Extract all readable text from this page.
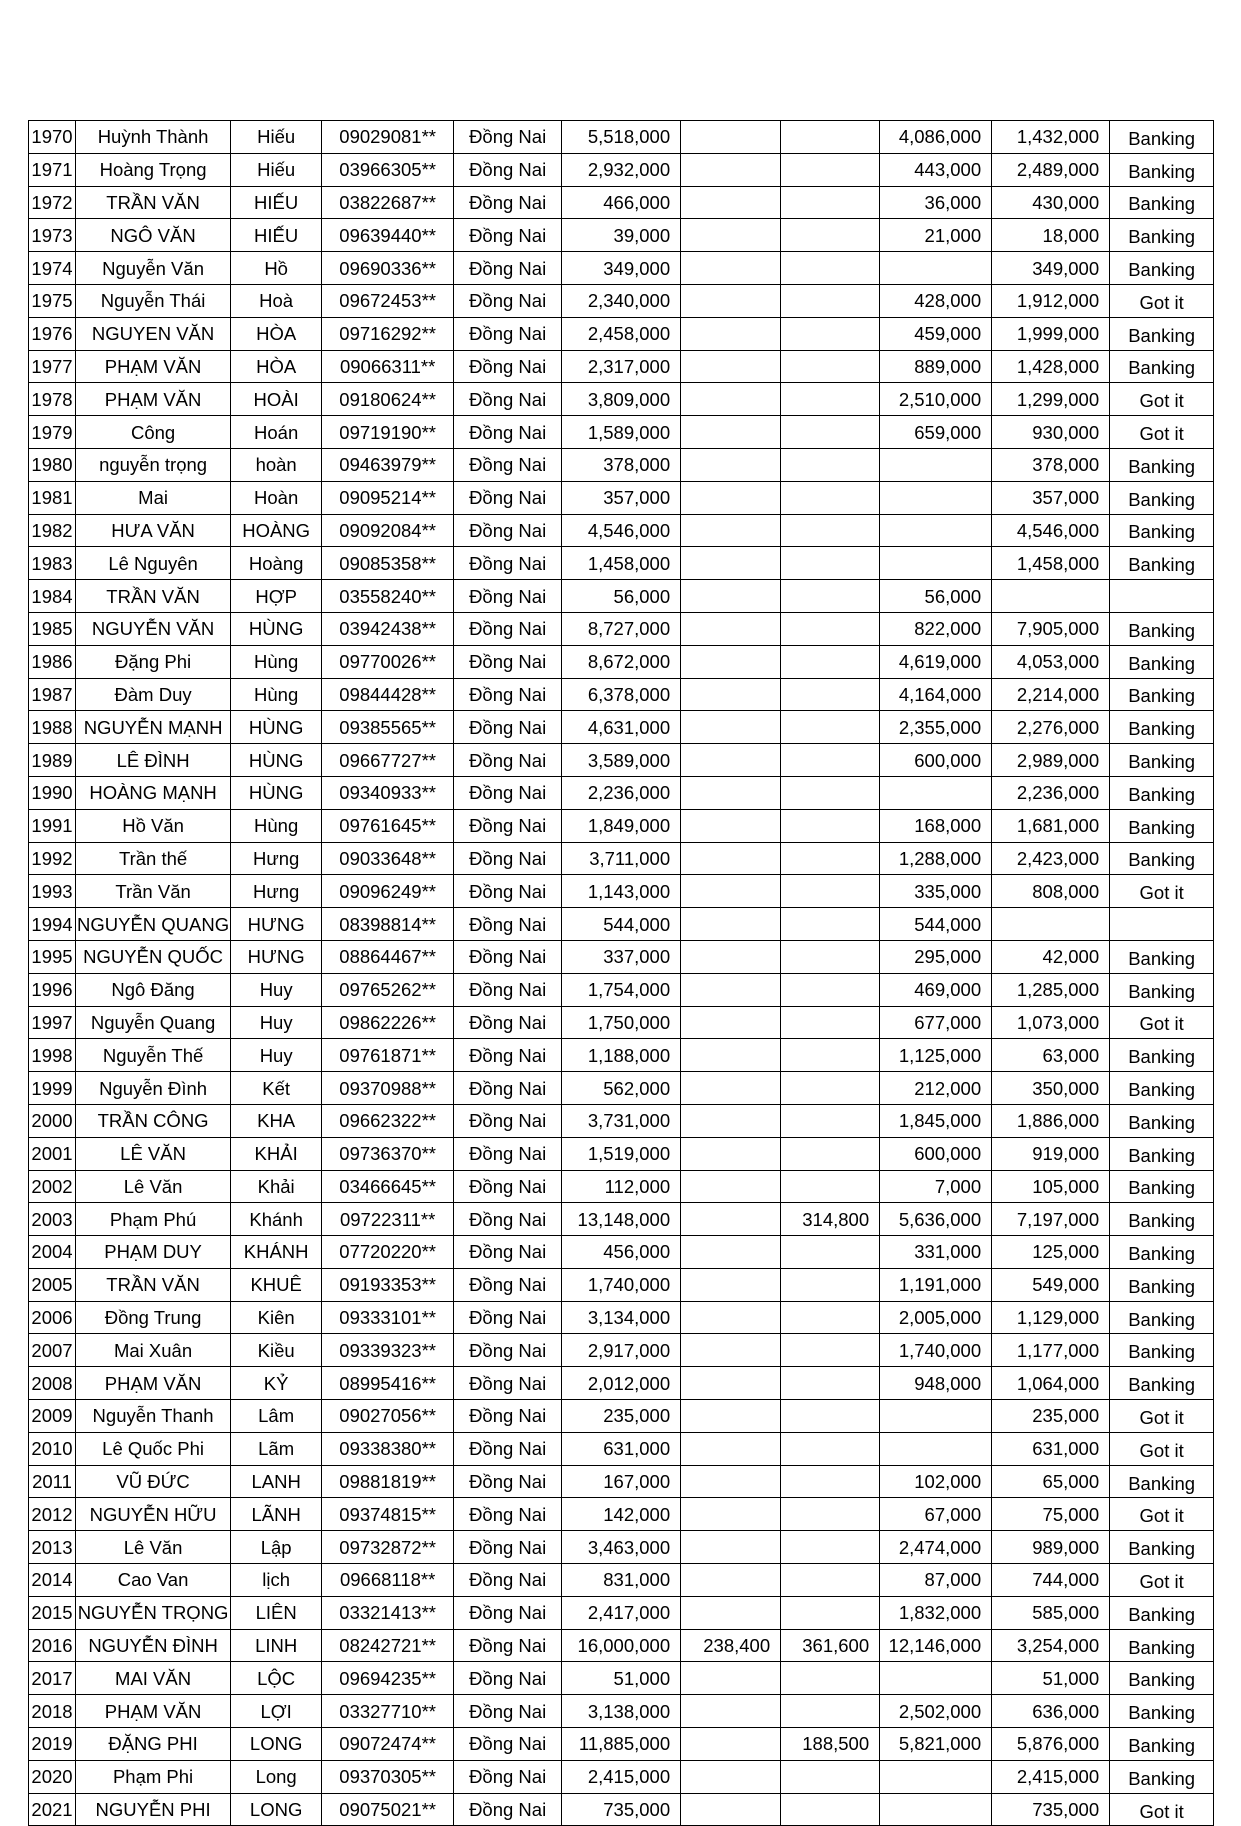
1970	Huỳnh Thành	Hiếu	09029081**	Đồng Nai	5,518,000			4,086,000	1,432,000	Banking
1971	Hoàng Trọng	Hiếu	03966305**	Đồng Nai	2,932,000			443,000	2,489,000	Banking
1972	TRẦN VĂN	HIẾU	03822687**	Đồng Nai	466,000			36,000	430,000	Banking
1973	NGÔ VĂN	HIẾU	09639440**	Đồng Nai	39,000			21,000	18,000	Banking
1974	Nguyễn Văn	Hồ	09690336**	Đồng Nai	349,000				349,000	Banking
1975	Nguyễn Thái	Hoà	09672453**	Đồng Nai	2,340,000			428,000	1,912,000	Got it
1976	NGUYEN VĂN	HÒA	09716292**	Đồng Nai	2,458,000			459,000	1,999,000	Banking
1977	PHẠM VĂN	HÒA	09066311**	Đồng Nai	2,317,000			889,000	1,428,000	Banking
1978	PHẠM VĂN	HOÀI	09180624**	Đồng Nai	3,809,000			2,510,000	1,299,000	Got it
1979	Công	Hoán	09719190**	Đồng Nai	1,589,000			659,000	930,000	Got it
1980	nguyễn trọng	hoàn	09463979**	Đồng Nai	378,000				378,000	Banking
1981	Mai	Hoàn	09095214**	Đồng Nai	357,000				357,000	Banking
1982	HƯA VĂN	HOÀNG	09092084**	Đồng Nai	4,546,000				4,546,000	Banking
1983	Lê Nguyên	Hoàng	09085358**	Đồng Nai	1,458,000				1,458,000	Banking
1984	TRẦN VĂN	HỢP	03558240**	Đồng Nai	56,000			56,000		
1985	NGUYỄN VĂN	HÙNG	03942438**	Đồng Nai	8,727,000			822,000	7,905,000	Banking
1986	Đặng Phi	Hùng	09770026**	Đồng Nai	8,672,000			4,619,000	4,053,000	Banking
1987	Đàm Duy	Hùng	09844428**	Đồng Nai	6,378,000			4,164,000	2,214,000	Banking
1988	NGUYỄN MẠNH	HÙNG	09385565**	Đồng Nai	4,631,000			2,355,000	2,276,000	Banking
1989	LÊ ĐÌNH	HÙNG	09667727**	Đồng Nai	3,589,000			600,000	2,989,000	Banking
1990	HOÀNG MẠNH	HÙNG	09340933**	Đồng Nai	2,236,000				2,236,000	Banking
1991	Hồ Văn	Hùng	09761645**	Đồng Nai	1,849,000			168,000	1,681,000	Banking
1992	Trần thế	Hưng	09033648**	Đồng Nai	3,711,000			1,288,000	2,423,000	Banking
1993	Trần Văn	Hưng	09096249**	Đồng Nai	1,143,000			335,000	808,000	Got it
1994	NGUYỄN QUANG	HƯNG	08398814**	Đồng Nai	544,000			544,000		
1995	NGUYỄN QUỐC	HƯNG	08864467**	Đồng Nai	337,000			295,000	42,000	Banking
1996	Ngô Đăng	Huy	09765262**	Đồng Nai	1,754,000			469,000	1,285,000	Banking
1997	Nguyễn Quang	Huy	09862226**	Đồng Nai	1,750,000			677,000	1,073,000	Got it
1998	Nguyễn Thế	Huy	09761871**	Đồng Nai	1,188,000			1,125,000	63,000	Banking
1999	Nguyễn Đình	Kết	09370988**	Đồng Nai	562,000			212,000	350,000	Banking
2000	TRẦN CÔNG	KHA	09662322**	Đồng Nai	3,731,000			1,845,000	1,886,000	Banking
2001	LÊ VĂN	KHẢI	09736370**	Đồng Nai	1,519,000			600,000	919,000	Banking
2002	Lê Văn	Khải	03466645**	Đồng Nai	112,000			7,000	105,000	Banking
2003	Phạm Phú	Khánh	09722311**	Đồng Nai	13,148,000		314,800	5,636,000	7,197,000	Banking
2004	PHẠM DUY	KHÁNH	07720220**	Đồng Nai	456,000			331,000	125,000	Banking
2005	TRẦN VĂN	KHUÊ	09193353**	Đồng Nai	1,740,000			1,191,000	549,000	Banking
2006	Đồng Trung	Kiên	09333101**	Đồng Nai	3,134,000			2,005,000	1,129,000	Banking
2007	Mai Xuân	Kiều	09339323**	Đồng Nai	2,917,000			1,740,000	1,177,000	Banking
2008	PHẠM VĂN	KỶ	08995416**	Đồng Nai	2,012,000			948,000	1,064,000	Banking
2009	Nguyễn Thanh	Lâm	09027056**	Đồng Nai	235,000				235,000	Got it
2010	Lê Quốc Phi	Lãm	09338380**	Đồng Nai	631,000				631,000	Got it
2011	VŨ ĐỨC	LANH	09881819**	Đồng Nai	167,000			102,000	65,000	Banking
2012	NGUYỄN HỮU	LÃNH	09374815**	Đồng Nai	142,000			67,000	75,000	Got it
2013	Lê Văn	Lập	09732872**	Đồng Nai	3,463,000			2,474,000	989,000	Banking
2014	Cao Van	lịch	09668118**	Đồng Nai	831,000			87,000	744,000	Got it
2015	NGUYỄN TRỌNG	LIÊN	03321413**	Đồng Nai	2,417,000			1,832,000	585,000	Banking
2016	NGUYỄN ĐÌNH	LINH	08242721**	Đồng Nai	16,000,000	238,400	361,600	12,146,000	3,254,000	Banking
2017	MAI VĂN	LỘC	09694235**	Đồng Nai	51,000				51,000	Banking
2018	PHẠM VĂN	LỢI	03327710**	Đồng Nai	3,138,000			2,502,000	636,000	Banking
2019	ĐẶNG PHI	LONG	09072474**	Đồng Nai	11,885,000		188,500	5,821,000	5,876,000	Banking
2020	Phạm Phi	Long	09370305**	Đồng Nai	2,415,000				2,415,000	Banking
2021	NGUYỄN PHI	LONG	09075021**	Đồng Nai	735,000				735,000	Got it
